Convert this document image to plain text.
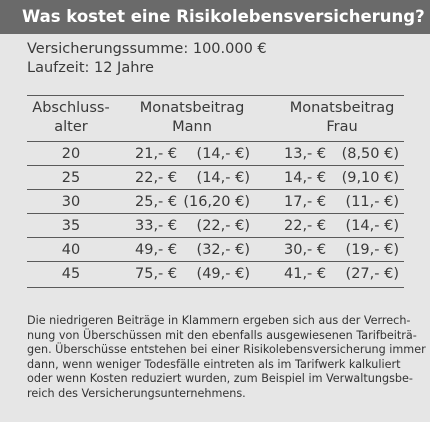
Was kostet eine Risikolebensversicherung?
Versicherungssumme: 100.000 €
Laufzeit: 12 Jahre
Abschluss-
alter
Monatsbeitrag
Mann
Monatsbeitrag
Frau
20	21,- €	(14,- €) 13,- €	(8,50 €)
25	22,- €	(14,- €) 14,- €	(9,10 €)
30	25,- € (16,20 €) 17,- €	(11,- €)
35	33,- €	(22,- €) 22,- €	(14,- €)
40	49,- €	(32,- €) 30,- €	(19,- €)
45	75,- €	(49,- €) 41,- €	(27,- €)
Die niedrigeren Beiträge in Klammern ergeben sich aus der Verrech-
nung von Überschüssen mit den ebenfalls ausgewiesenen Tarifbeiträ-
gen. Überschüsse entstehen bei einer Risikolebensversicherung immer
dann, wenn weniger Todesfälle eintreten als im Tarifwerk kalkuliert
oder wenn Kosten reduziert wurden, zum Beispiel im Verwaltungsbe-
reich des Versicherungsunternehmens.
